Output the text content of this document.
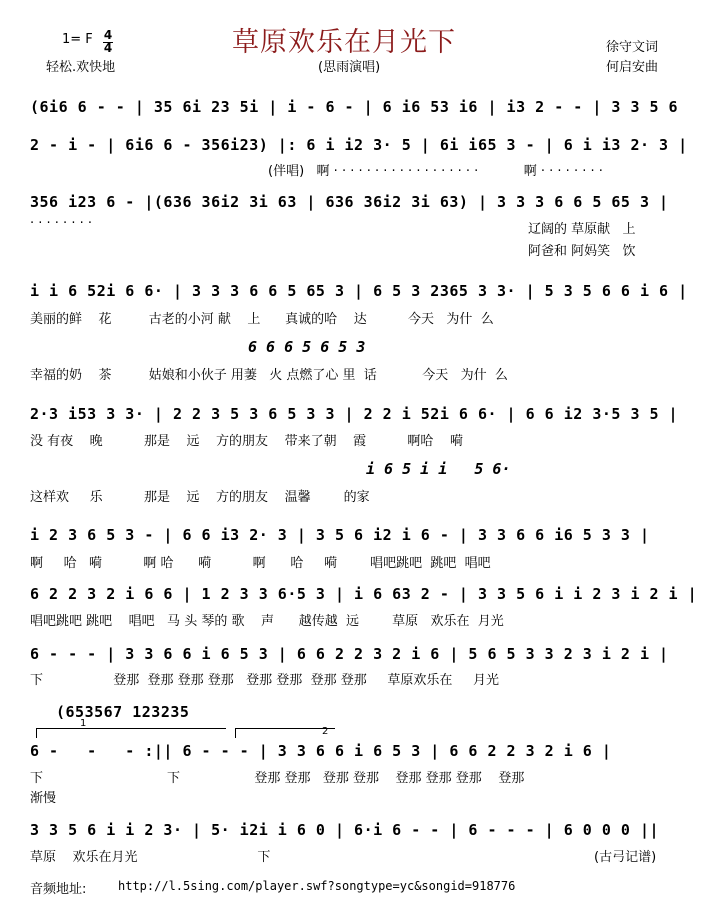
1= F 4
4
轻松.欢快地
草原欢乐在月光下
(思雨演唱)
徐守文词
何启安曲
(6i6 6 - - | 35 6i 23 5i | i - 6 - | 6 i6 53 i6 | i3 2 - - | 3 3 5 6
2 - i - | 6i6 6 - 356i23) |: 6 i i2 3· 5 | 6i i65 3 - | 6 i i3 2· 3 |
(伴唱)   啊 · · · · · · · · · · · · · · · · · ·           啊 · · · · · · · ·
356 i23 6 - |(636 36i2 3i 63 | 636 36i2 3i 63) | 3 3 3 6 6 5 65 3 |
· · · · · · · ·	辽阔的 草原献   上
阿爸和 阿妈笑   饮
i i 6 52i 6 6· | 3 3 3 6 6 5 65 3 | 6 5 3 2365 3 3· | 5 3 5 6 6 i 6 |
美丽的鲜    花         古老的小河 献    上      真诚的哈    达          今天   为什  么
6 6 6 5 6 5 3
幸福的奶    茶         姑娘和小伙子 用萋   火 点燃了心 里  话           今天   为什  么
2·3 i53 3 3· | 2 2 3 5 3 6 5 3 3 | 2 2 i 52i 6 6· | 6 6 i2 3·5 3 5 |
没 有夜    晚          那是    远    方的朋友    带来了朝    霞          啊哈    嗬
i 6 5 i i   5 6·
这样欢     乐          那是    远    方的朋友    温馨        的家
i 2 3 6 5 3 - | 6 6 i3 2· 3 | 3 5 6 i2 i 6 - | 3 3 6 6 i6 5 3 3 |
啊     哈   嗬          啊 哈      嗬          啊      哈     嗬        唱吧跳吧  跳吧  唱吧
6 2 2 3 2 i 6 6 | 1 2 3 3 6·5 3 | i 6 63 2 - | 3 3 5 6 i i 2 3 i 2 i |
唱吧跳吧 跳吧    唱吧   马 头 琴的 歌    声      越传越  远        草原   欢乐在  月光
6 - - - | 3 3 6 6 i 6 5 3 | 6 6 2 2 3 2 i 6 | 5 6 5 3 3 2 3 i 2 i |
下                 登那  登那 登那 登那   登那 登那  登那 登那     草原欢乐在     月光
(653567 123235
1
2
6 -   -   - :|| 6 - - - | 3 3 6 6 i 6 5 3 | 6 6 2 2 3 2 i 6 |
下                              下                  登那 登那   登那 登那    登那 登那 登那    登那
渐慢
3 3 5 6 i i 2 3· | 5· i2i i 6 0 | 6·i 6 - - | 6 - - - | 6 0 0 0 ||
草原    欢乐在月光                             下	(古弓记谱)
音频地址:	http://l.5sing.com/player.swf?songtype=yc&songid=918776
